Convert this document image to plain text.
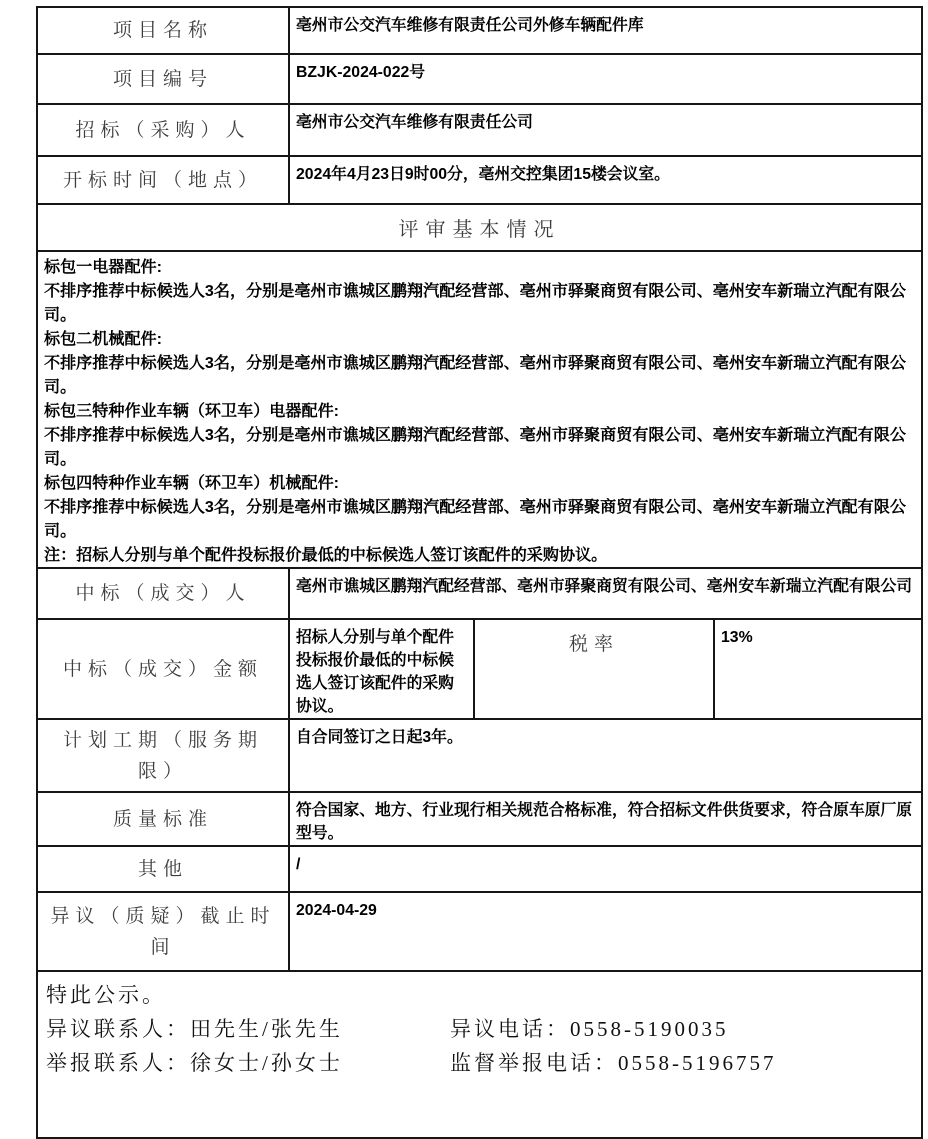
项目名称	亳州市公交汽车维修有限责任公司外修车辆配件库		
项目编号	BZJK-2024-022号		
招标（采购）人	亳州市公交汽车维修有限责任公司		
开标时间（地点）	2024年4月23日9时00分，亳州交控集团15楼会议室。		
评审基本情况			

标包一电器配件:

不排序推荐中标候选人3名，分别是亳州市谯城区鹏翔汽配经营部、亳州市驿聚商贸有限公司、亳州安车新瑞立汽配有限公司。

标包二机械配件:

不排序推荐中标候选人3名，分别是亳州市谯城区鹏翔汽配经营部、亳州市驿聚商贸有限公司、亳州安车新瑞立汽配有限公司。

标包三特种作业车辆（环卫车）电器配件:

不排序推荐中标候选人3名，分别是亳州市谯城区鹏翔汽配经营部、亳州市驿聚商贸有限公司、亳州安车新瑞立汽配有限公司。

标包四特种作业车辆（环卫车）机械配件:

不排序推荐中标候选人3名，分别是亳州市谯城区鹏翔汽配经营部、亳州市驿聚商贸有限公司、亳州安车新瑞立汽配有限公司。

注：招标人分别与单个配件投标报价最低的中标候选人签订该配件的采购协议。

中标（成交）人	亳州市谯城区鹏翔汽配经营部、亳州市驿聚商贸有限公司、亳州安车新瑞立汽配有限公司		
中标（成交）金额	招标人分别与单个配件投标报价最低的中标候选人签订该配件的采购协议。	税率	13%
计划工期（服务期限）	自合同签订之日起3年。		
质量标准	符合国家、地方、行业现行相关规范合格标准，符合招标文件供货要求，符合原车原厂原型号。		
其他	/		
异议（质疑）截止时间	2024-04-29		

特此公示。
异议联系人：田先生/张先生 异议电话：0558-5190035
举报联系人：徐女士/孙女士 监督举报电话：0558-5196757			
